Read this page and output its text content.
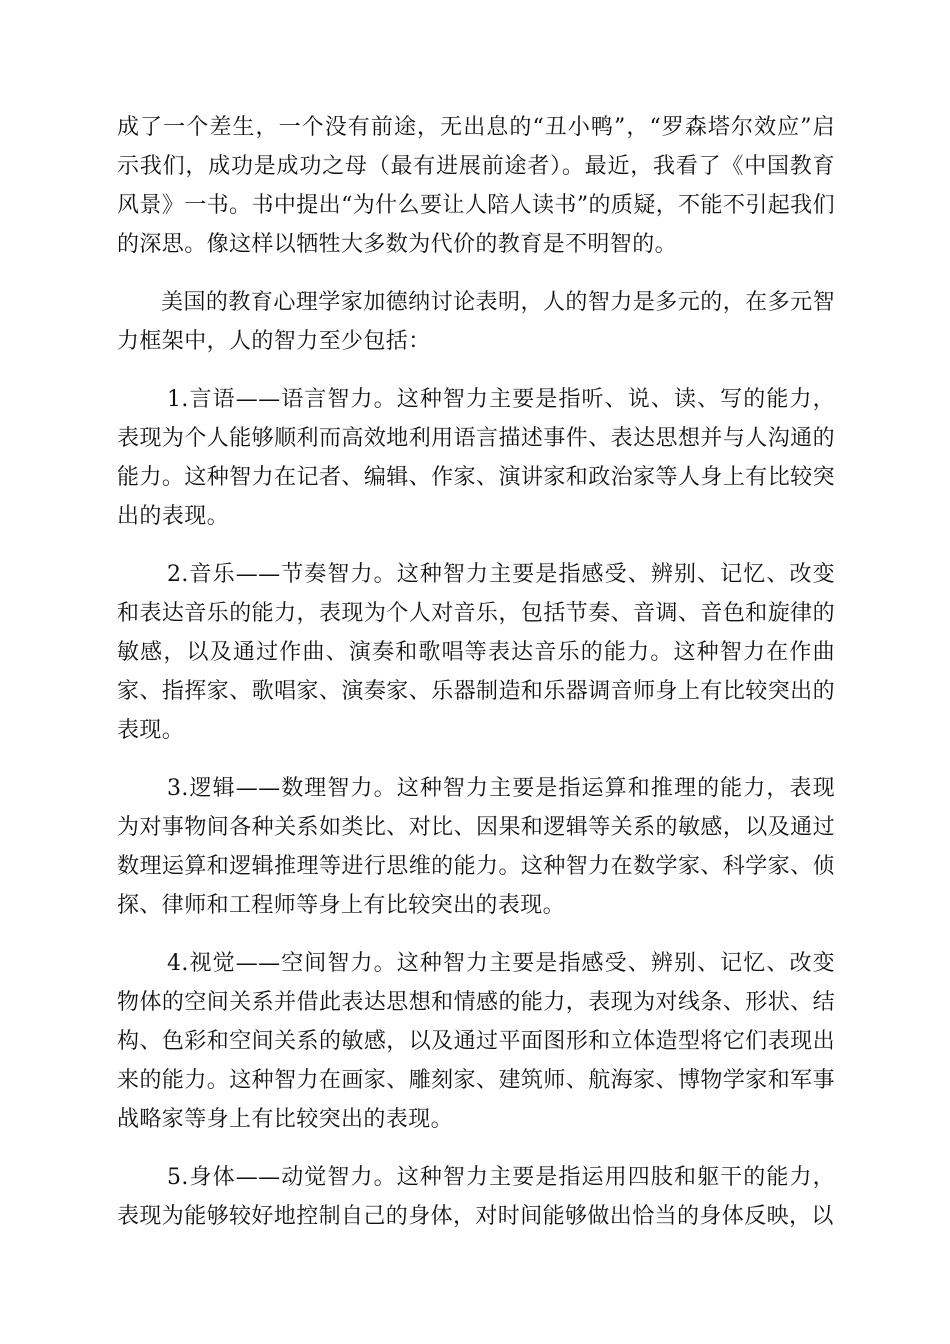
成了一个差生，一个没有前途，无出息的“丑小鸭”，“罗森塔尔效应”启示我们，成功是成功之母（最有进展前途者）。最近，我看了《中国教育风景》一书。书中提出“为什么要让人陪人读书”的质疑，不能不引起我们的深思。像这样以牺牲大多数为代价的教育是不明智的。

美国的教育心理学家加德纳讨论表明，人的智力是多元的，在多元智力框架中，人的智力至少包括：

1.言语——语言智力。这种智力主要是指听、说、读、写的能力，表现为个人能够顺利而高效地利用语言描述事件、表达思想并与人沟通的能力。这种智力在记者、编辑、作家、演讲家和政治家等人身上有比较突出的表现。

2.音乐——节奏智力。这种智力主要是指感受、辨别、记忆、改变和表达音乐的能力，表现为个人对音乐，包括节奏、音调、音色和旋律的敏感，以及通过作曲、演奏和歌唱等表达音乐的能力。这种智力在作曲家、指挥家、歌唱家、演奏家、乐器制造和乐器调音师身上有比较突出的表现。

3.逻辑——数理智力。这种智力主要是指运算和推理的能力，表现为对事物间各种关系如类比、对比、因果和逻辑等关系的敏感，以及通过数理运算和逻辑推理等进行思维的能力。这种智力在数学家、科学家、侦探、律师和工程师等身上有比较突出的表现。

4.视觉——空间智力。这种智力主要是指感受、辨别、记忆、改变物体的空间关系并借此表达思想和情感的能力，表现为对线条、形状、结构、色彩和空间关系的敏感，以及通过平面图形和立体造型将它们表现出来的能力。这种智力在画家、雕刻家、建筑师、航海家、博物学家和军事战略家等身上有比较突出的表现。

5.身体——动觉智力。这种智力主要是指运用四肢和躯干的能力，表现为能够较好地控制自己的身体，对时间能够做出恰当的身体反映，以
